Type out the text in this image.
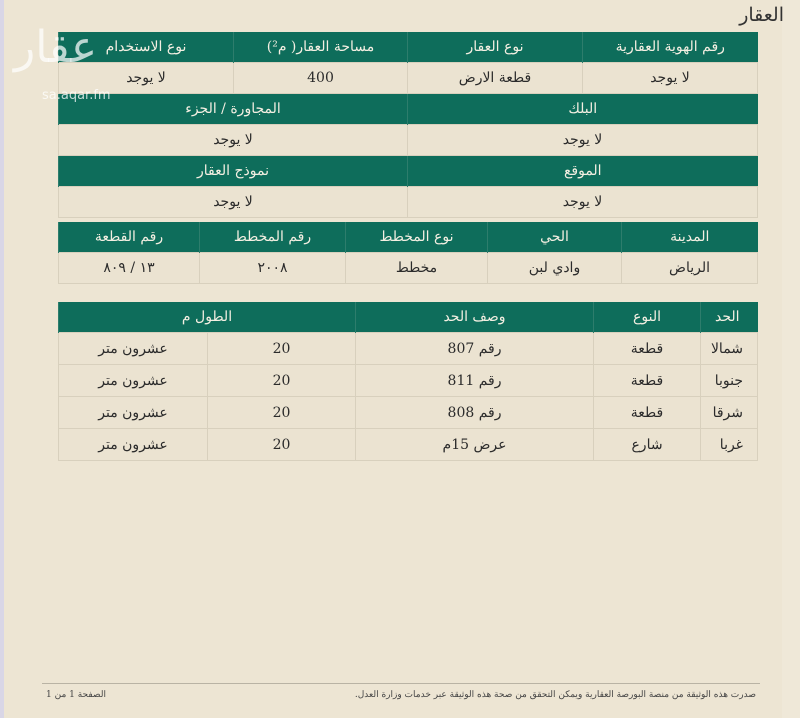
العقار
رقم الهوية العقارية	نوع العقار	مساحة العقار( م²)	نوع الاستخدام
لا يوجد	قطعة الارض	400	لا يوجد
البلك		المجاورة / الجزء	
لا يوجد		لا يوجد	
الموقع		نموذج العقار	
لا يوجد		لا يوجد	
المدينة	الحي	نوع المخطط	رقم المخطط	رقم القطعة
الرياض	وادي لبن	مخطط	٢٠٠٨	١٣ / ٨٠٩
الحد	النوع	وصف الحد	الطول م	
شمالا	قطعة	رقم 807	20	عشرون متر
جنوبا	قطعة	رقم 811	20	عشرون متر
شرقا	قطعة	رقم 808	20	عشرون متر
غربا	شارع	عرض 15م	20	عشرون متر
صدرت هذه الوثيقة من منصة البورصة العقارية ويمكن التحقق من صحة هذه الوثيقة عبر خدمات وزارة العدل.
الصفحة 1 من 1
عقار
sa.aqar.fm
